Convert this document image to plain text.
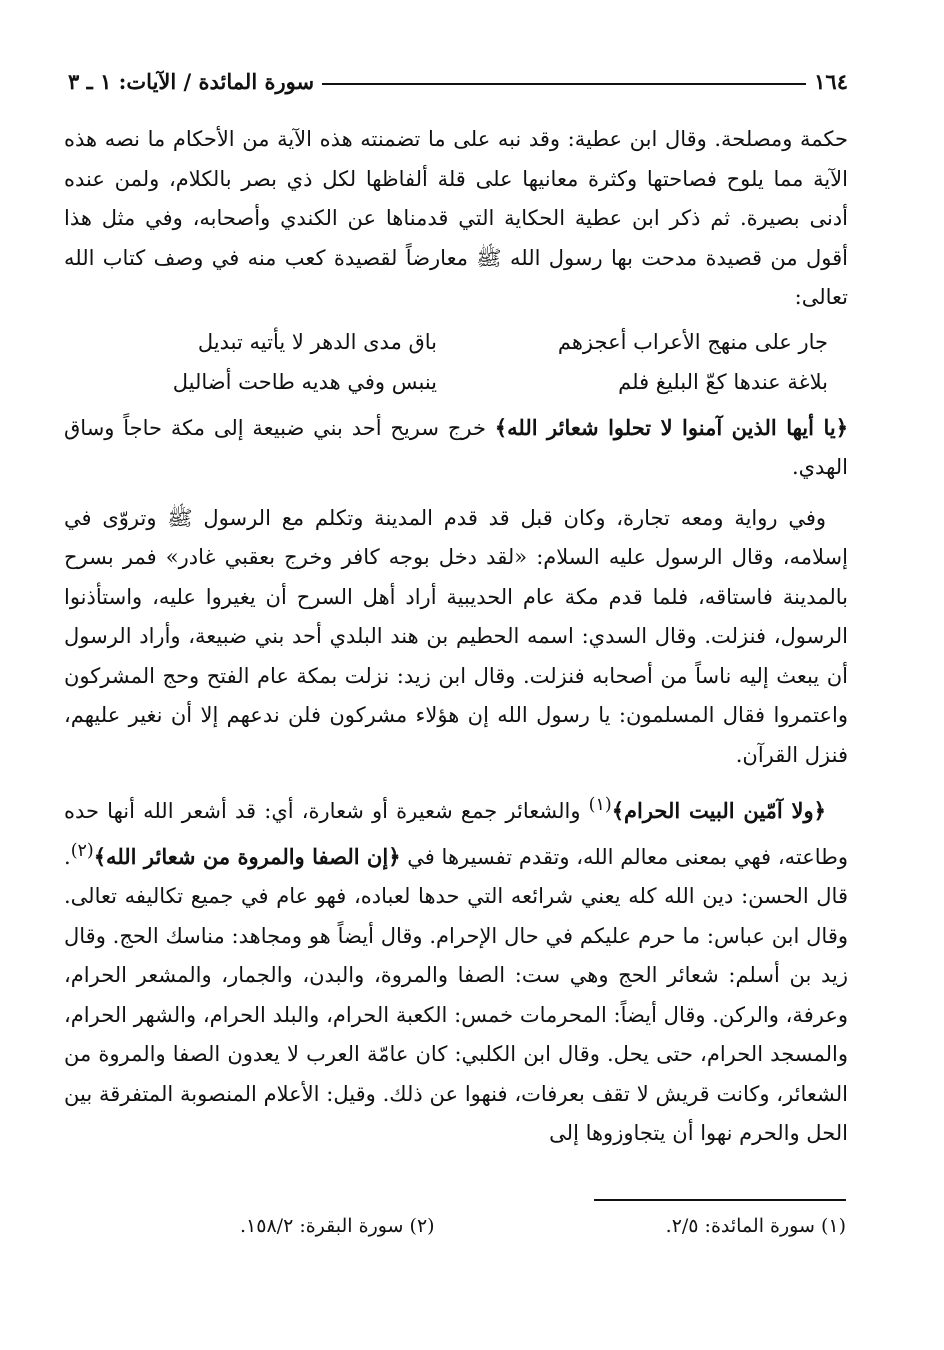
١٦٤
سورة المائدة / الآيات: ١ ـ ٣

حكمة ومصلحة. وقال ابن عطية: وقد نبه على ما تضمنته هذه الآية من الأحكام ما نصه هذه الآية مما يلوح فصاحتها وكثرة معانيها على قلة ألفاظها لكل ذي بصر بالكلام، ولمن عنده أدنى بصيرة. ثم ذكر ابن عطية الحكاية التي قدمناها عن الكندي وأصحابه، وفي مثل هذا أقول من قصيدة مدحت بها رسول الله ﷺ معارضاً لقصيدة كعب منه في وصف كتاب الله تعالى:

جار على منهج الأعراب أعجزهم
باق مدى الدهر لا يأتيه تبديل
بلاغة عندها كعّ البليغ فلم
ينبس وفي هديه طاحت أضاليل

﴿يا أيها الذين آمنوا لا تحلوا شعائر الله﴾ خرج سريح أحد بني ضبيعة إلى مكة حاجاً وساق الهدي.

وفي رواية ومعه تجارة، وكان قبل قد قدم المدينة وتكلم مع الرسول ﷺ وتروّى في إسلامه، وقال الرسول عليه السلام: «لقد دخل بوجه كافر وخرج بعقبي غادر» فمر بسرح بالمدينة فاستاقه، فلما قدم مكة عام الحديبية أراد أهل السرح أن يغيروا عليه، واستأذنوا الرسول، فنزلت. وقال السدي: اسمه الحطيم بن هند البلدي أحد بني ضبيعة، وأراد الرسول أن يبعث إليه ناساً من أصحابه فنزلت. وقال ابن زيد: نزلت بمكة عام الفتح وحج المشركون واعتمروا فقال المسلمون: يا رسول الله إن هؤلاء مشركون فلن ندعهم إلا أن نغير عليهم، فنزل القرآن.

﴿ولا آمّين البيت الحرام﴾$^{(١)}$ والشعائر جمع شعيرة أو شعارة، أي: قد أشعر الله أنها حده وطاعته، فهي بمعنى معالم الله، وتقدم تفسيرها في ﴿إن الصفا والمروة من شعائر الله﴾$^{(٢)}$. قال الحسن: دين الله كله يعني شرائعه التي حدها لعباده، فهو عام في جميع تكاليفه تعالى. وقال ابن عباس: ما حرم عليكم في حال الإحرام. وقال أيضاً هو ومجاهد: مناسك الحج. وقال زيد بن أسلم: شعائر الحج وهي ست: الصفا والمروة، والبدن، والجمار، والمشعر الحرام، وعرفة، والركن. وقال أيضاً: المحرمات خمس: الكعبة الحرام، والبلد الحرام، والشهر الحرام، والمسجد الحرام، حتى يحل. وقال ابن الكلبي: كان عامّة العرب لا يعدون الصفا والمروة من الشعائر، وكانت قريش لا تقف بعرفات، فنهوا عن ذلك. وقيل: الأعلام المنصوبة المتفرقة بين الحل والحرم نهوا أن يتجاوزوها إلى

(١) سورة المائدة: ٢/٥.
(٢) سورة البقرة: ١٥٨/٢.
